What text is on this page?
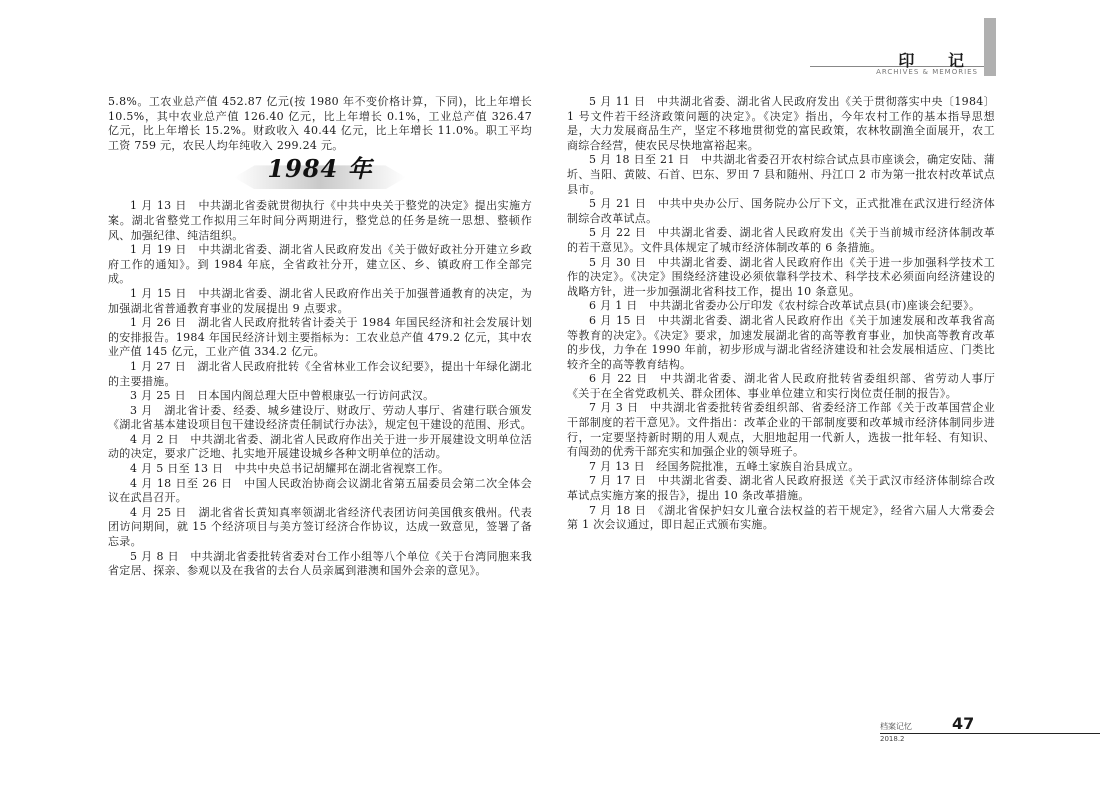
印 记
ARCHIVES & MEMORIES

5.8%。工农业总产值 452.87 亿元(按 1980 年不变价格计算，下同)，比上年增长 10.5%，其中农业总产值 126.40 亿元，比上年增长 0.1%，工业总产值 326.47 亿元，比上年增长 15.2%。财政收入 40.44 亿元，比上年增长 11.0%。职工平均工资 759 元，农民人均年纯收入 299.24 元。

1984 年

1 月 13 日　中共湖北省委就贯彻执行《中共中央关于整党的决定》提出实施方案。湖北省整党工作拟用三年时间分两期进行，整党总的任务是统一思想、整顿作风、加强纪律、纯洁组织。

1 月 19 日　中共湖北省委、湖北省人民政府发出《关于做好政社分开建立乡政府工作的通知》。到 1984 年底，全省政社分开，建立区、乡、镇政府工作全部完成。

1 月 15 日　中共湖北省委、湖北省人民政府作出关于加强普通教育的决定，为加强湖北省普通教育事业的发展提出 9 点要求。

1 月 26 日　湖北省人民政府批转省计委关于 1984 年国民经济和社会发展计划的安排报告。1984 年国民经济计划主要指标为：工农业总产值 479.2 亿元，其中农业产值 145 亿元，工业产值 334.2 亿元。

1 月 27 日　湖北省人民政府批转《全省林业工作会议纪要》，提出十年绿化湖北的主要措施。

3 月 25 日　日本国内阁总理大臣中曾根康弘一行访问武汉。

3 月　湖北省计委、经委、城乡建设厅、财政厅、劳动人事厅、省建行联合颁发《湖北省基本建设项目包干建设经济责任制试行办法》，规定包干建设的范围、形式。

4 月 2 日　中共湖北省委、湖北省人民政府作出关于进一步开展建设文明单位活动的决定，要求广泛地、扎实地开展建设城乡各种文明单位的活动。

4 月 5 日至 13 日　中共中央总书记胡耀邦在湖北省视察工作。

4 月 18 日至 26 日　中国人民政治协商会议湖北省第五届委员会第二次全体会议在武昌召开。

4 月 25 日　湖北省省长黄知真率领湖北省经济代表团访问美国俄亥俄州。代表团访问期间，就 15 个经济项目与美方签订经济合作协议，达成一致意见，签署了备忘录。

5 月 8 日　中共湖北省委批转省委对台工作小组等八个单位《关于台湾同胞来我省定居、探亲、参观以及在我省的去台人员亲属到港澳和国外会亲的意见》。

5 月 11 日　中共湖北省委、湖北省人民政府发出《关于贯彻落实中央〔1984〕1 号文件若干经济政策问题的决定》。《决定》指出，今年农村工作的基本指导思想是，大力发展商品生产，坚定不移地贯彻党的富民政策，农林牧副渔全面展开，农工商综合经营，使农民尽快地富裕起来。

5 月 18 日至 21 日　中共湖北省委召开农村综合试点县市座谈会，确定安陆、蒲圻、当阳、黄陂、石首、巴东、罗田 7 县和随州、丹江口 2 市为第一批农村改革试点县市。

5 月 21 日　中共中央办公厅、国务院办公厅下文，正式批准在武汉进行经济体制综合改革试点。

5 月 22 日　中共湖北省委、湖北省人民政府发出《关于当前城市经济体制改革的若干意见》。文件具体规定了城市经济体制改革的 6 条措施。

5 月 30 日　中共湖北省委、湖北省人民政府作出《关于进一步加强科学技术工作的决定》。《决定》围绕经济建设必须依靠科学技术、科学技术必须面向经济建设的战略方针，进一步加强湖北省科技工作，提出 10 条意见。

6 月 1 日　中共湖北省委办公厅印发《农村综合改革试点县(市)座谈会纪要》。

6 月 15 日　中共湖北省委、湖北省人民政府作出《关于加速发展和改革我省高等教育的决定》。《决定》要求，加速发展湖北省的高等教育事业，加快高等教育改革的步伐，力争在 1990 年前，初步形成与湖北省经济建设和社会发展相适应、门类比较齐全的高等教育结构。

6 月 22 日　中共湖北省委、湖北省人民政府批转省委组织部、省劳动人事厅《关于在全省党政机关、群众团体、事业单位建立和实行岗位责任制的报告》。

7 月 3 日　中共湖北省委批转省委组织部、省委经济工作部《关于改革国营企业干部制度的若干意见》。文件指出：改革企业的干部制度要和改革城市经济体制同步进行，一定要坚持新时期的用人观点，大胆地起用一代新人，选拔一批年轻、有知识、有闯劲的优秀干部充实和加强企业的领导班子。

7 月 13 日　经国务院批准，五峰土家族自治县成立。

7 月 17 日　中共湖北省委、湖北省人民政府报送《关于武汉市经济体制综合改革试点实施方案的报告》，提出 10 条改革措施。

7 月 18 日　《湖北省保护妇女儿童合法权益的若干规定》，经省六届人大常委会第 1 次会议通过，即日起正式颁布实施。

档案记忆	47
2018.2
